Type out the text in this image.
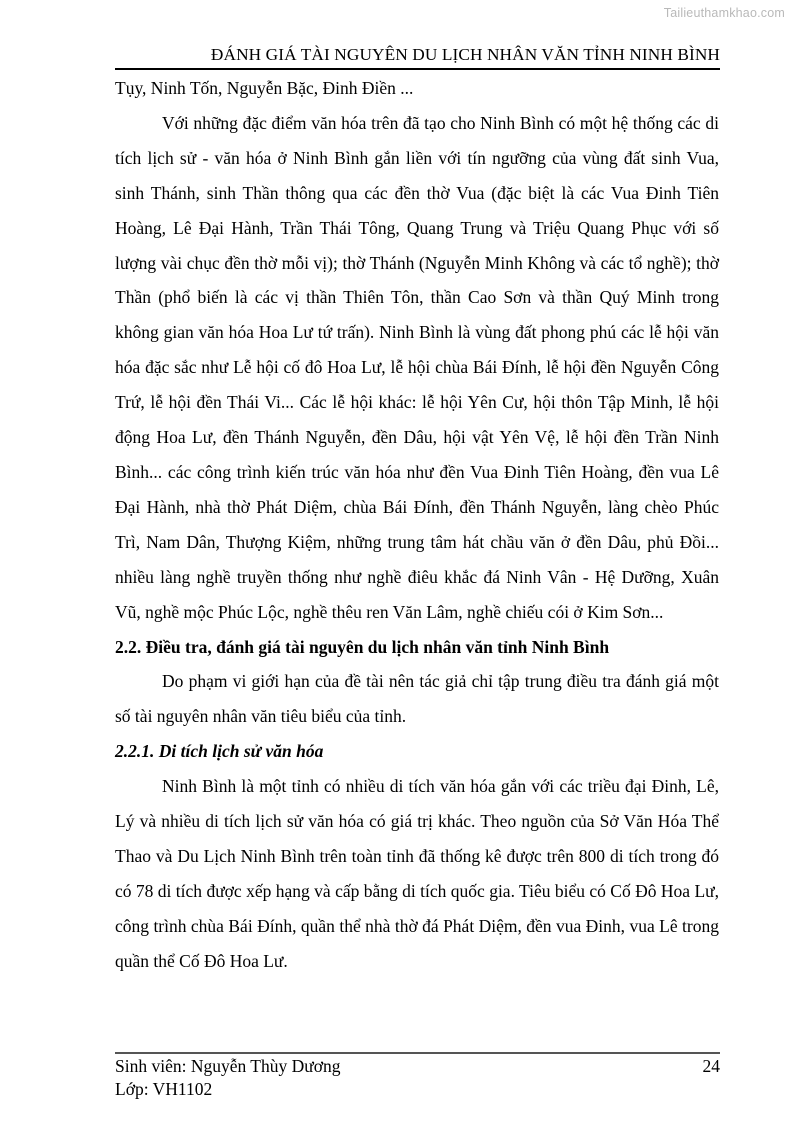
Tailieuthamkhao.com
ĐÁNH GIÁ TÀI NGUYÊN DU LỊCH NHÂN VĂN TỈNH NINH BÌNH

Tụy, Ninh Tốn, Nguyễn Bặc, Đinh Điền ...

Với những đặc điểm văn hóa trên đã tạo cho Ninh Bình có một hệ thống các di tích lịch sử - văn hóa ở Ninh Bình gắn liền với tín ngưỡng của vùng đất sinh Vua, sinh Thánh, sinh Thần thông qua các đền thờ Vua (đặc biệt là các Vua Đinh Tiên Hoàng, Lê Đại Hành, Trần Thái Tông, Quang Trung và Triệu Quang Phục với số lượng vài chục đền thờ mỗi vị); thờ Thánh (Nguyễn Minh Không và các tổ nghề); thờ Thần (phổ biến là các vị thần Thiên Tôn, thần Cao Sơn và thần Quý Minh trong không gian văn hóa Hoa Lư tứ trấn). Ninh Bình là vùng đất phong phú các lễ hội văn hóa đặc sắc như Lễ hội cố đô Hoa Lư, lễ hội chùa Bái Đính, lễ hội đền Nguyễn Công Trứ, lễ hội đền Thái Vi... Các lễ hội khác: lễ hội Yên Cư, hội thôn Tập Minh, lễ hội động Hoa Lư, đền Thánh Nguyễn, đền Dâu, hội vật Yên Vệ, lễ hội đền Trần Ninh Bình... các công trình kiến trúc văn hóa như đền Vua Đinh Tiên Hoàng, đền vua Lê Đại Hành, nhà thờ Phát Diệm, chùa Bái Đính, đền Thánh Nguyễn, làng chèo Phúc Trì, Nam Dân, Thượng Kiệm, những trung tâm hát chầu văn ở đền Dâu, phủ Đồi... nhiều làng nghề truyền thống như nghề điêu khắc đá Ninh Vân - Hệ Dưỡng, Xuân Vũ, nghề mộc Phúc Lộc, nghề thêu ren Văn Lâm, nghề chiếu cói ở Kim Sơn...

2.2. Điều tra, đánh giá tài nguyên du lịch nhân văn tỉnh Ninh Bình

Do phạm vi giới hạn của đề tài nên tác giả chỉ tập trung điều tra đánh giá một số tài nguyên nhân văn tiêu biểu của tỉnh.

2.2.1. Di tích lịch sử văn hóa

Ninh Bình là một tỉnh có nhiều di tích văn hóa gắn với các triều đại Đinh, Lê, Lý và nhiều di tích lịch sử văn hóa có giá trị khác. Theo nguồn của Sở Văn Hóa Thể Thao và Du Lịch Ninh Bình trên toàn tỉnh đã thống kê được trên 800 di tích trong đó có 78 di tích được xếp hạng và cấp bằng di tích quốc gia. Tiêu biểu có Cố Đô Hoa Lư, công trình chùa Bái Đính, quần thể nhà thờ đá Phát Diệm, đền vua Đinh, vua Lê trong quần thể Cố Đô Hoa Lư.

Sinh viên: Nguyễn Thùy Dương	24
Lớp: VH1102
